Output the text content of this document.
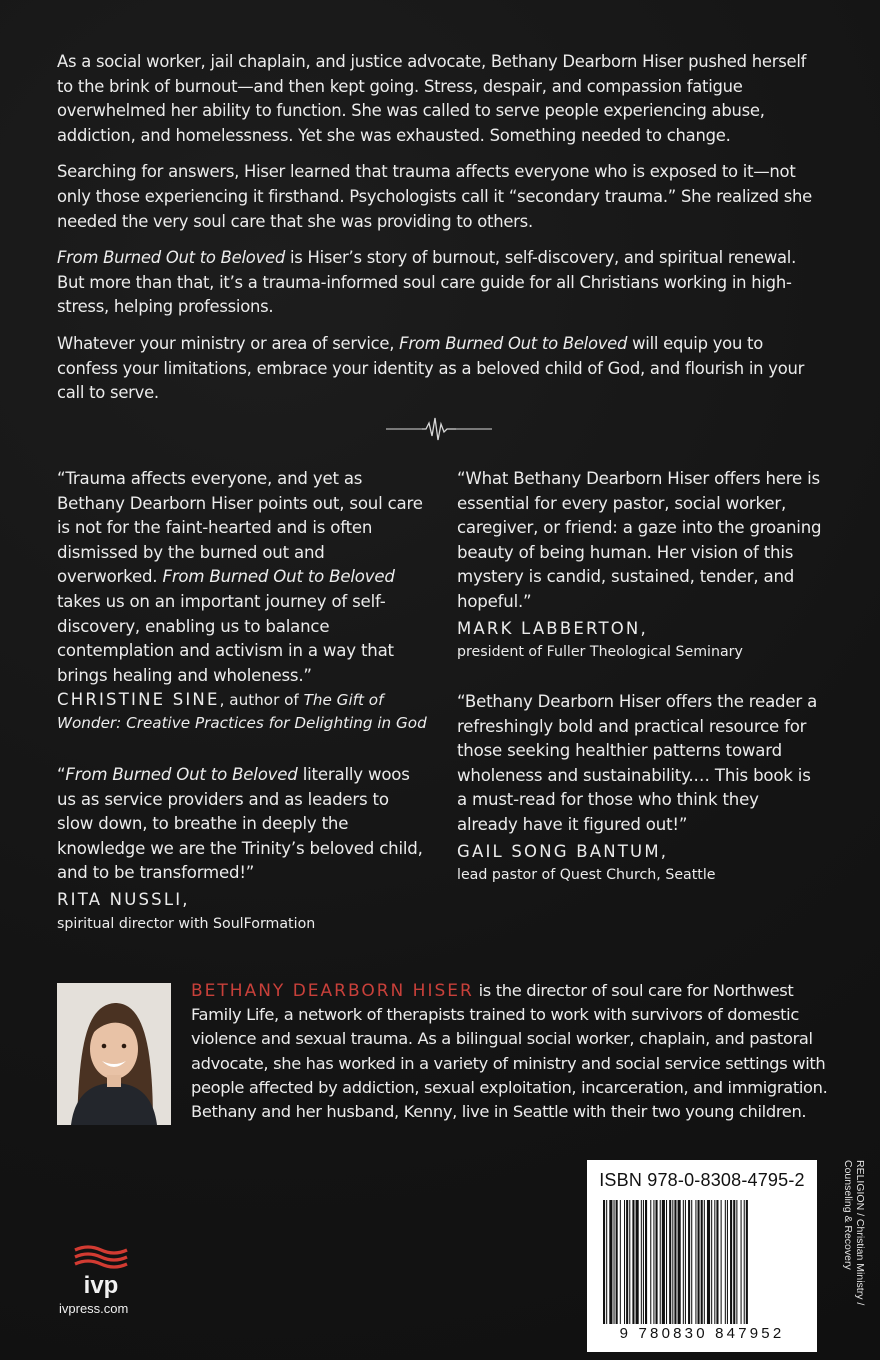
As a social worker, jail chaplain, and justice advocate, Bethany Dearborn Hiser pushed herself to the brink of burnout—and then kept going. Stress, despair, and compassion fatigue overwhelmed her ability to function. She was called to serve people experiencing abuse, addiction, and homelessness. Yet she was exhausted. Something needed to change.

Searching for answers, Hiser learned that trauma affects everyone who is exposed to it—not only those experiencing it firsthand. Psychologists call it “secondary trauma.” She realized she needed the very soul care that she was providing to others.

From Burned Out to Beloved is Hiser’s story of burnout, self-discovery, and spiritual renewal. But more than that, it’s a trauma-informed soul care guide for all Christians working in high-stress, helping professions.

Whatever your ministry or area of service, From Burned Out to Beloved will equip you to confess your limitations, embrace your identity as a beloved child of God, and flourish in your call to serve.

“Trauma affects everyone, and yet as Bethany Dearborn Hiser points out, soul care is not for the faint-hearted and is often dismissed by the burned out and overworked. From Burned Out to Beloved takes us on an important journey of self-discovery, enabling us to balance contemplation and activism in a way that brings healing and wholeness.”

CHRISTINE SINE, author of The Gift of Wonder: Creative Practices for Delighting in God

“What Bethany Dearborn Hiser offers here is essential for every pastor, social worker, caregiver, or friend: a gaze into the groaning beauty of being human. Her vision of this mystery is candid, sustained, tender, and hopeful.”

MARK LABBERTON,

president of Fuller Theological Seminary

“Bethany Dearborn Hiser offers the reader a refreshingly bold and practical resource for those seeking healthier patterns toward wholeness and sustainability.… This book is a must-read for those who think they already have it figured out!”

GAIL SONG BANTUM,

lead pastor of Quest Church, Seattle

“From Burned Out to Beloved literally woos us as service providers and as leaders to slow down, to breathe in deeply the knowledge we are the Trinity’s beloved child, and to be transformed!”

RITA NUSSLI,

spiritual director with SoulFormation

BETHANY DEARBORN HISER is the director of soul care for Northwest Family Life, a network of therapists trained to work with survivors of domestic violence and sexual trauma. As a bilingual social worker, chaplain, and pastoral advocate, she has worked in a variety of ministry and social service settings with people affected by addiction, sexual exploitation, incarceration, and immigration. Bethany and her husband, Kenny, live in Seattle with their two young children.

ISBN 978-0-8308-4795-2
9 780830 847952
RELIGION / Christian Ministry /
Counseling & Recovery
ivp
ivpress.com
